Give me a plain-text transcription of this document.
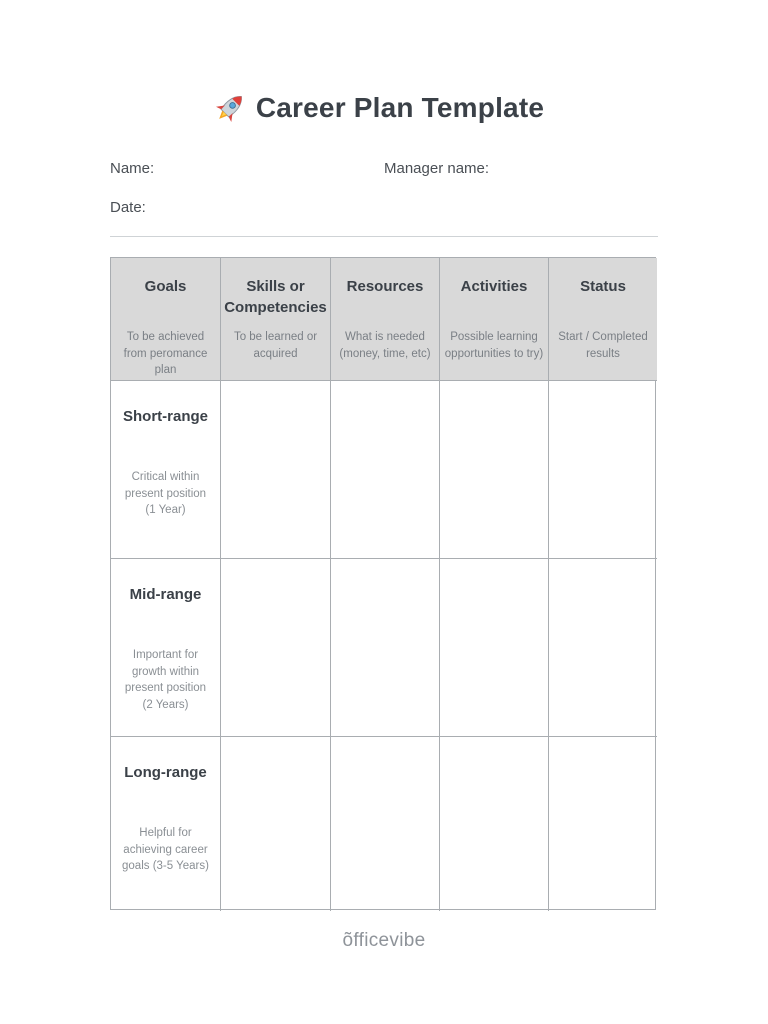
Career Plan Template
Name:	Manager name:
Date:
Goals
To be achieved from peromance plan
Skills or Competencies
To be learned or acquired
Resources
What is needed (money, time, etc)
Activities
Possible learning opportunities to try)
Status
Start / Completed results
Short-range
Critical within present position (1 Year)
Mid-range
Important for growth within present position (2 Years)
Long-range
Helpful for achieving career goals (3-5 Years)
õfficevibe
